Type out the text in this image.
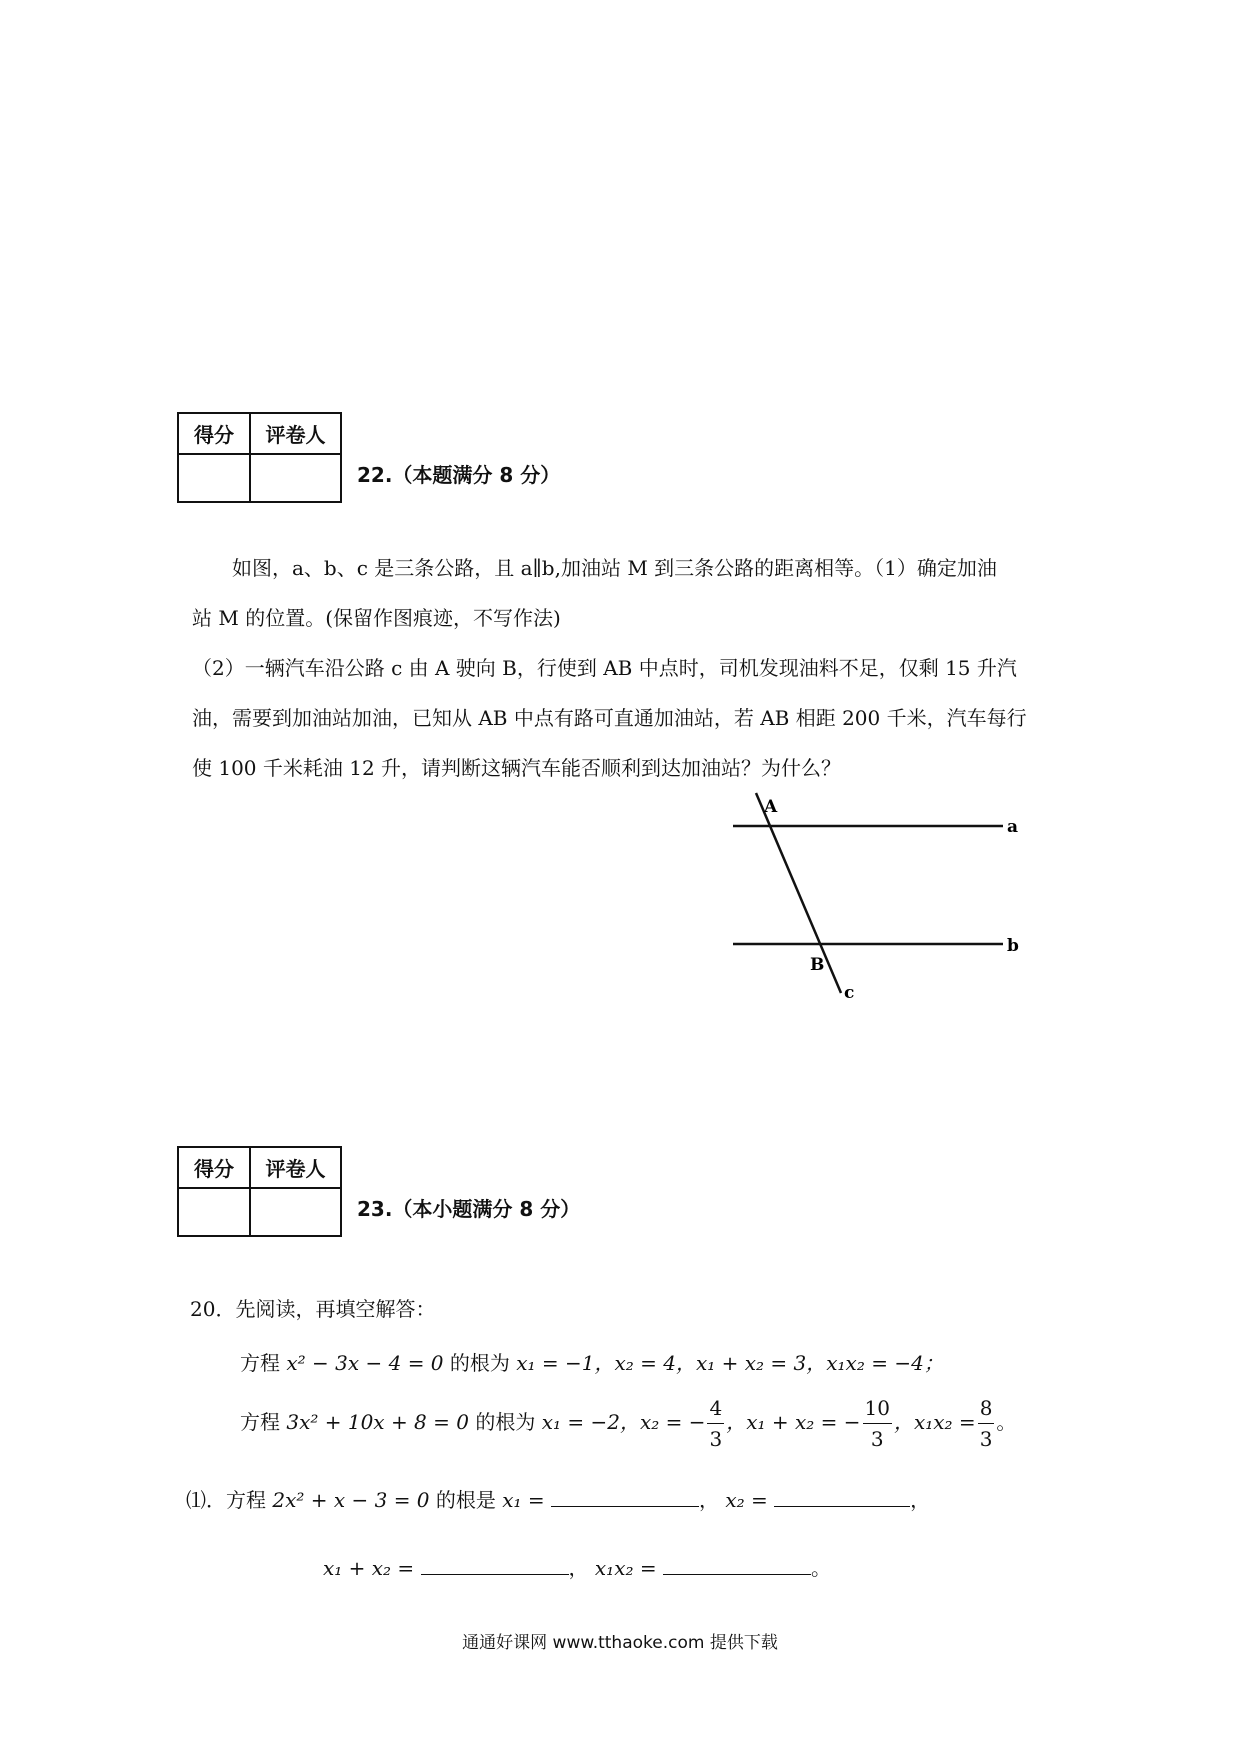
得分	评卷人

22.（本题满分 8 分）
如图，a、b、c 是三条公路，且 a∥b,加油站 M 到三条公路的距离相等。（1）确定加油
站 M 的位置。(保留作图痕迹，不写作法)
（2）一辆汽车沿公路 c 由 A 驶向 B，行使到 AB 中点时，司机发现油料不足，仅剩 15 升汽
油，需要到加油站加油，已知从 AB 中点有路可直通加油站，若 AB 相距 200 千米，汽车每行
使 100 千米耗油 12 升，请判断这辆汽车能否顺利到达加油站？为什么？
A
B
a
b
c
得分	评卷人

23.（本小题满分 8 分）
20．先阅读，再填空解答：
方程 x² − 3x − 4 = 0 的根为 x₁ = −1，x₂ = 4，x₁ + x₂ = 3，x₁x₂ = −4；
方程 3x² + 10x + 8 = 0 的根为 x₁ = −2，x₂ = − $\frac{4}{3}$ ，x₁ + x₂ = − $\frac{10}{3}$ ，$x_1x_2 = \frac{8}{3}$ 。
⑴．方程 2x² + x − 3 = 0 的根是 x₁ =	， x₂ =	，
x₁ + x₂ =	， x₁x₂ =	。
通通好课网 www.tthaoke.com 提供下载
